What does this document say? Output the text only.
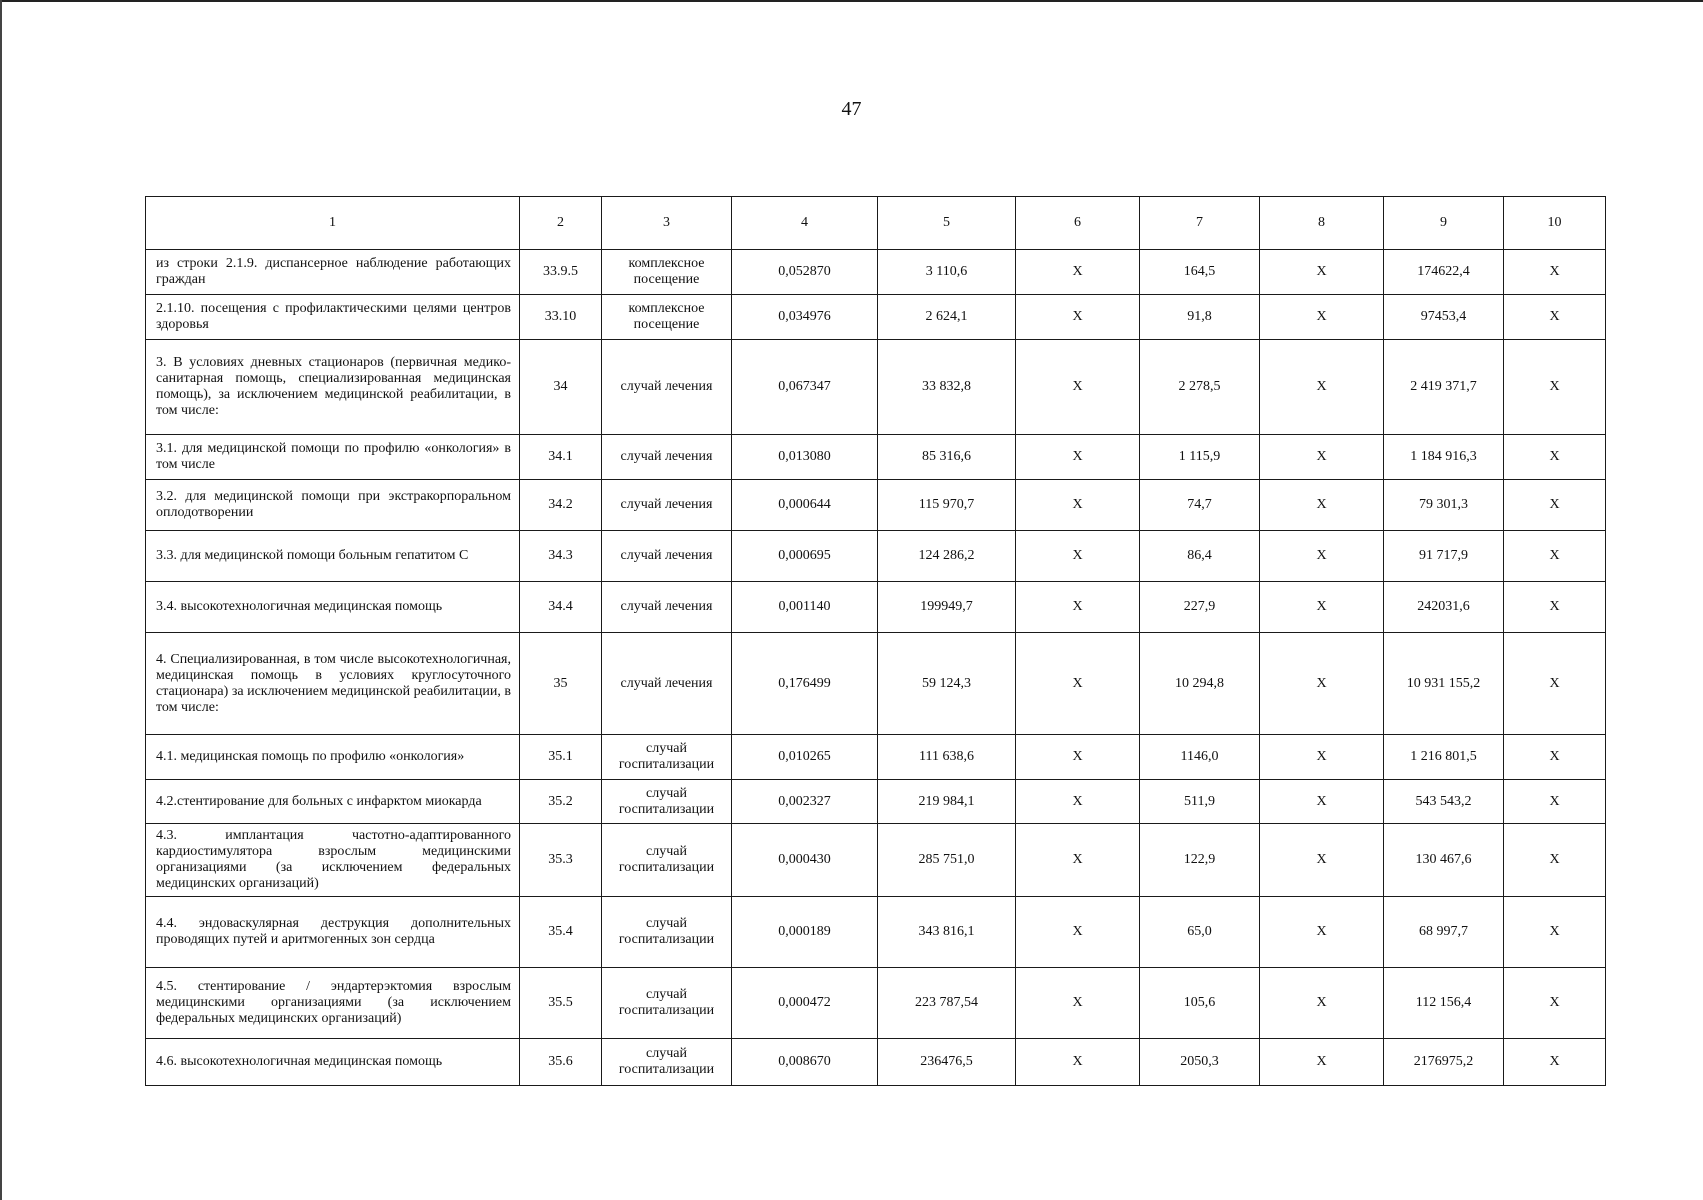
47
1	2	3	4	5	6	7	8	9	10
из строки 2.1.9. диспансерное наблюдение работающих граждан	33.9.5	комплексное посещение	0,052870	3 110,6	Х	164,5	Х	174622,4	Х
2.1.10. посещения с профилактическими целями центров здоровья	33.10	комплексное посещение	0,034976	2 624,1	Х	91,8	Х	97453,4	Х
3. В условиях дневных стационаров (первичная медико-санитарная помощь, специализированная медицинская помощь), за исключением медицинской реабилитации, в том числе:	34	случай лечения	0,067347	33 832,8	Х	2 278,5	Х	2 419 371,7	Х
3.1. для медицинской помощи по профилю «онкология» в том числе	34.1	случай лечения	0,013080	85 316,6	Х	1 115,9	Х	1 184 916,3	Х
3.2. для медицинской помощи при экстракорпоральном оплодотворении	34.2	случай лечения	0,000644	115 970,7	Х	74,7	Х	79 301,3	Х
3.3. для медицинской помощи больным гепатитом С	34.3	случай лечения	0,000695	124 286,2	Х	86,4	Х	91 717,9	Х
3.4. высокотехнологичная медицинская помощь	34.4	случай лечения	0,001140	199949,7	Х	227,9	Х	242031,6	Х
4. Специализированная, в том числе высокотехнологичная, медицинская помощь в условиях круглосуточного стационара) за исключением медицинской реабилитации, в том числе:	35	случай лечения	0,176499	59 124,3	Х	10 294,8	Х	10 931 155,2	Х
4.1. медицинская помощь по профилю «онкология»	35.1	случай госпитализации	0,010265	111 638,6	Х	1146,0	Х	1 216 801,5	Х
4.2.стентирование для больных с инфарктом миокарда	35.2	случай госпитализации	0,002327	219 984,1	Х	511,9	Х	543 543,2	Х
4.3. имплантация частотно-адаптированного кардиостимулятора взрослым медицинскими организациями (за исключением федеральных медицинских организаций)	35.3	случай госпитализации	0,000430	285 751,0	Х	122,9	Х	130 467,6	Х
4.4. эндоваскулярная деструкция дополнительных проводящих путей и аритмогенных зон сердца	35.4	случай госпитализации	0,000189	343 816,1	Х	65,0	Х	68 997,7	Х
4.5. стентирование / эндартерэктомия взрослым медицинскими организациями (за исключением федеральных медицинских организаций)	35.5	случай госпитализации	0,000472	223 787,54	Х	105,6	Х	112 156,4	Х
4.6. высокотехнологичная медицинская помощь	35.6	случай госпитализации	0,008670	236476,5	Х	2050,3	Х	2176975,2	Х
